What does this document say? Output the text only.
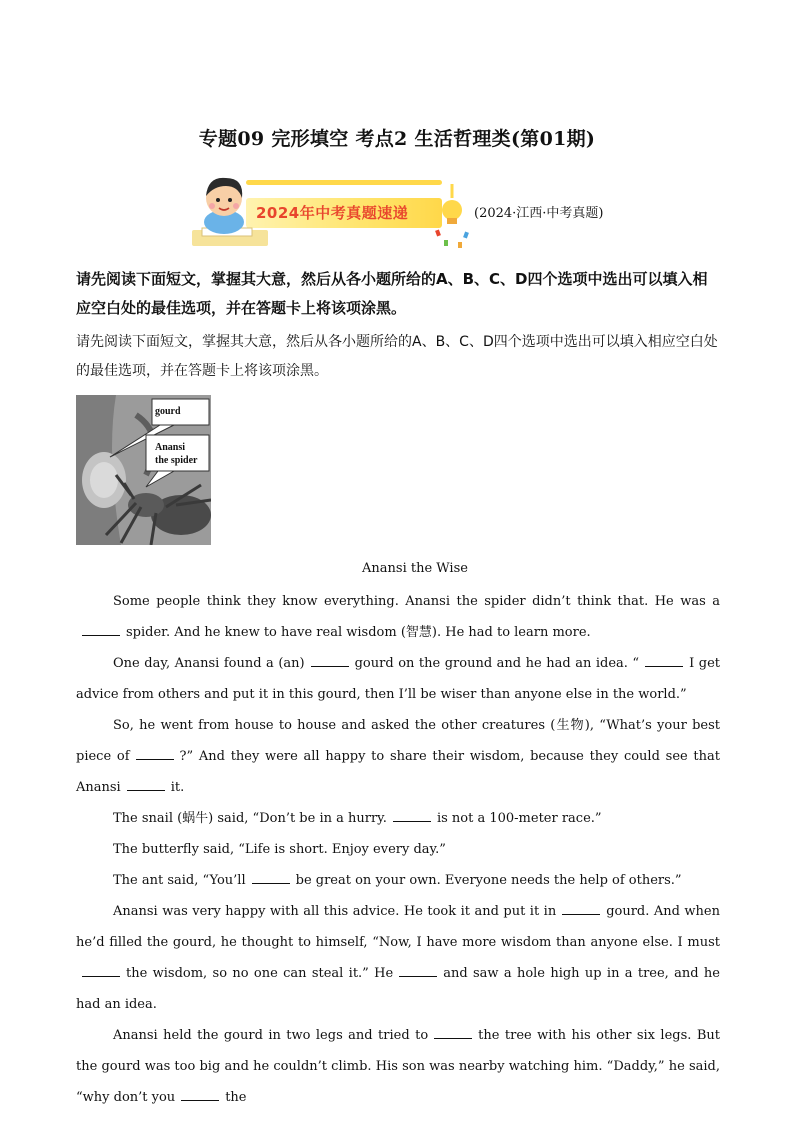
专题09 完形填空 考点2 生活哲理类(第01期)
2024年中考真题速递	(2024·江西·中考真题)
请先阅读下面短文，掌握其大意，然后从各小题所给的A、B、C、D四个选项中选出可以填入相应空白处的最佳选项，并在答题卡上将该项涂黑。
请先阅读下面短文，掌握其大意，然后从各小题所给的A、B、C、D四个选项中选出可以填入相应空白处的最佳选项，并在答题卡上将该项涂黑。
gourd
Anansi
the spider
Anansi the Wise

Some people think they know everything. Anansi the spider didn’t think that. He was aspider. And he knew to have real wisdom (智慧). He had to learn more.

One day, Anansi found a (an)	gourd on the ground and he had an idea. “	I get advice from others and put it in this gourd, then I’ll be wiser than anyone else in the world.”

So, he went from house to house and asked the other creatures (生物), “What’s your best piece of	?” And they were all happy to share their wisdom, because they could see that Anansi	it.

The snail (蜗牛) said, “Don’t be in a hurry.	is not a 100-meter race.”

The butterfly said, “Life is short. Enjoy every day.”

The ant said, “You’ll	be great on your own. Everyone needs the help of others.”

Anansi was very happy with all this advice. He took it and put it in	gourd. And when he’d filled the gourd, he thought to himself, “Now, I have more wisdom than anyone else. I mustthe wisdom, so no one can steal it.” He	and saw a hole high up in a tree, and he had an idea.

Anansi held the gourd in two legs and tried to	the tree with his other six legs. But the gourd was too big and he couldn’t climb. His son was nearby watching him. “Daddy,” he said, “why don’t you	the
